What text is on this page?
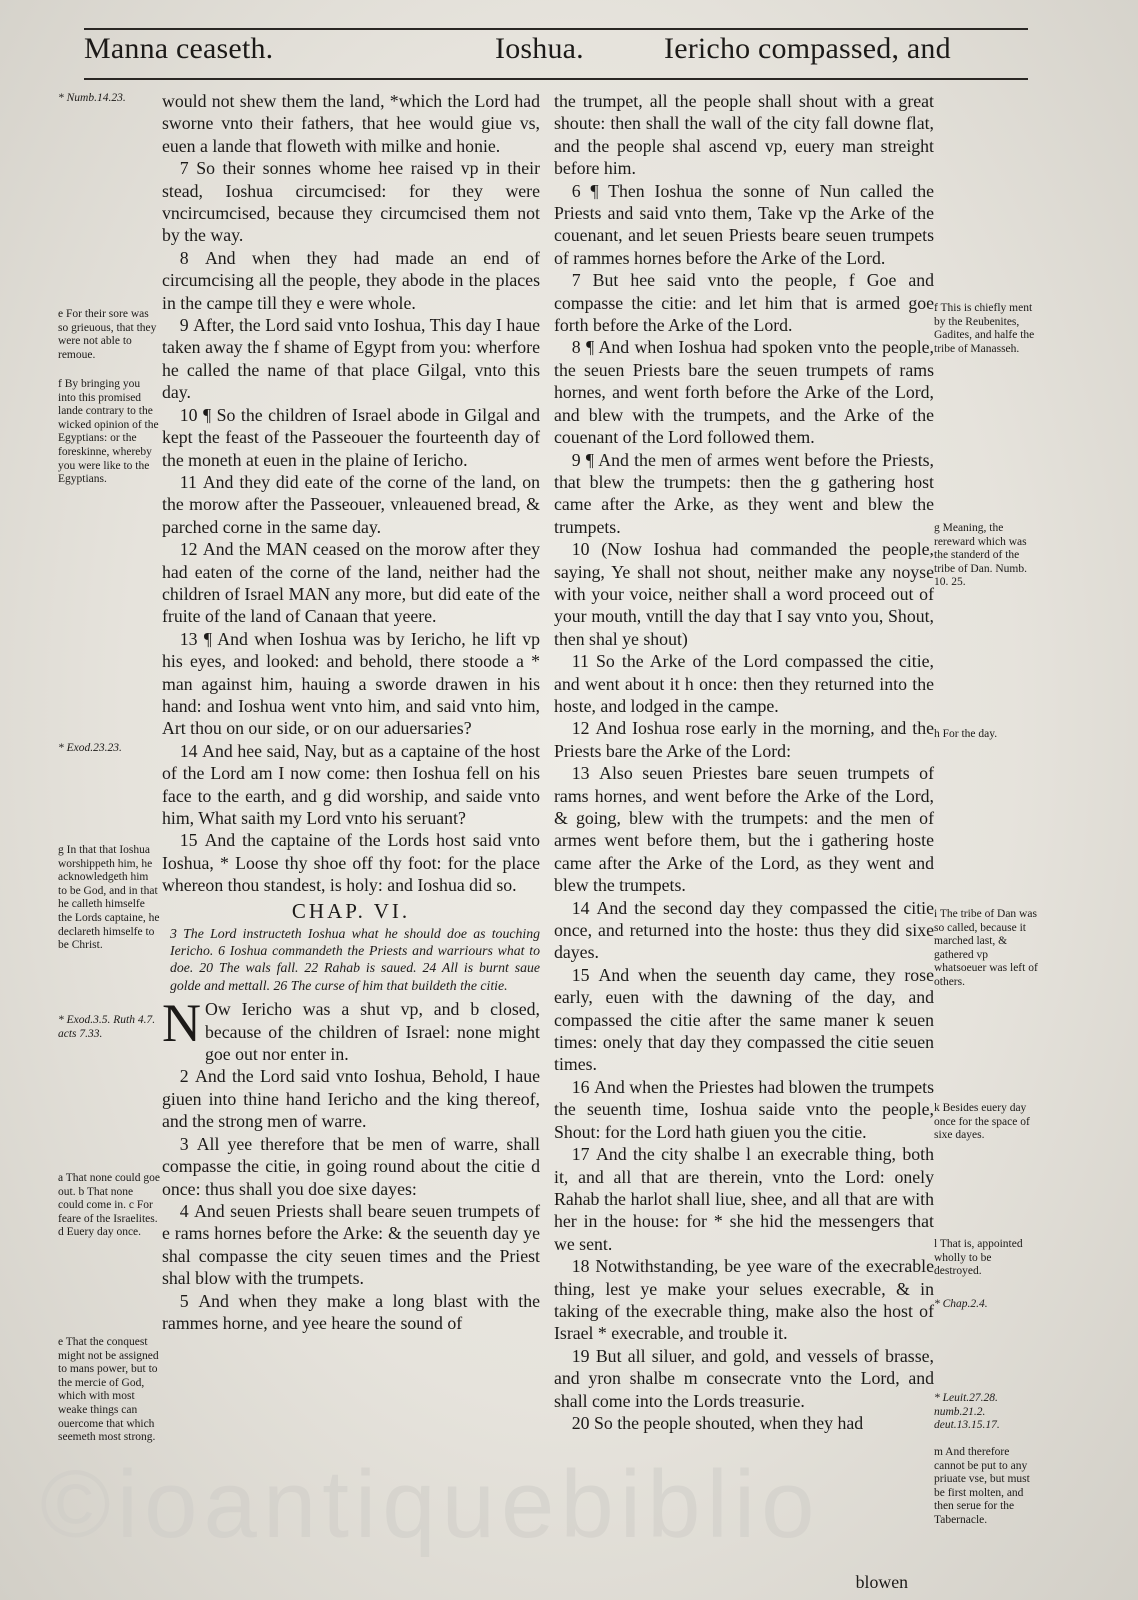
Manna ceaseth.	Ioshua.	Iericho compassed, and
* Numb.14.23.
e For their sore was so grieuous, that they were not able to remoue.
f By bringing you into this promised lande contrary to the wicked opinion of the Egyptians: or the foreskinne, whereby you were like to the Egyptians.
* Exod.23.23.
g In that that Ioshua worshippeth him, he acknowledgeth him to be God, and in that he calleth himselfe the Lords captaine, he declareth himselfe to be Christ.
* Exod.3.5. Ruth 4.7. acts 7.33.
a That none could goe out. b That none could come in. c For feare of the Israelites. d Euery day once.
e That the conquest might not be assigned to mans power, but to the mercie of God, which with most weake things can ouercome that which seemeth most strong.

would not shew them the land, *which the Lord had sworne vnto their fathers, that hee would giue vs, euen a lande that floweth with milke and honie.

 7 So their sonnes whome hee raised vp in their stead, Ioshua circumcised: for they were vncircumcised, because they circumcised them not by the way.

 8 And when they had made an end of circumcising all the people, they abode in the places in the campe till they e were whole.

 9 After, the Lord said vnto Ioshua, This day I haue taken away the f shame of Egypt from you: wherfore he called the name of that place Gilgal, vnto this day.

 10 ¶ So the children of Israel abode in Gilgal and kept the feast of the Passeouer the fourteenth day of the moneth at euen in the plaine of Iericho.

 11 And they did eate of the corne of the land, on the morow after the Passeouer, vnleauened bread, & parched corne in the same day.

 12 And the MAN ceased on the morow after they had eaten of the corne of the land, neither had the children of Israel MAN any more, but did eate of the fruite of the land of Canaan that yeere.

 13 ¶ And when Ioshua was by Iericho, he lift vp his eyes, and looked: and behold, there stoode a * man against him, hauing a sworde drawen in his hand: and Ioshua went vnto him, and said vnto him, Art thou on our side, or on our aduersaries?

 14 And hee said, Nay, but as a captaine of the host of the Lord am I now come: then Ioshua fell on his face to the earth, and g did worship, and saide vnto him, What saith my Lord vnto his seruant?

 15 And the captaine of the Lords host said vnto Ioshua, * Loose thy shoe off thy foot: for the place whereon thou standest, is holy: and Ioshua did so.

CHAP. VI.

3 The Lord instructeth Ioshua what he should doe as touching Iericho. 6 Ioshua commandeth the Priests and warriours what to doe. 20 The wals fall. 22 Rahab is saued. 24 All is burnt saue golde and mettall. 26 The curse of him that buildeth the citie.

N Ow Iericho was a shut vp, and b closed, because of the children of Israel: none might goe out nor enter in.

 2 And the Lord said vnto Ioshua, Behold, I haue giuen into thine hand Iericho and the king thereof, and the strong men of warre.

 3 All yee therefore that be men of warre, shall compasse the citie, in going round about the citie d once: thus shall you doe sixe dayes:

 4 And seuen Priests shall beare seuen trumpets of e rams hornes before the Arke: & the seuenth day ye shal compasse the city seuen times and the Priest shal blow with the trumpets.

 5 And when they make a long blast with the rammes horne, and yee heare the sound of

the trumpet, all the people shall shout with a great shoute: then shall the wall of the city fall downe flat, and the people shal ascend vp, euery man streight before him.

 6 ¶ Then Ioshua the sonne of Nun called the Priests and said vnto them, Take vp the Arke of the couenant, and let seuen Priests beare seuen trumpets of rammes hornes before the Arke of the Lord.

 7 But hee said vnto the people, f Goe and compasse the citie: and let him that is armed goe forth before the Arke of the Lord.

 8 ¶ And when Ioshua had spoken vnto the people, the seuen Priests bare the seuen trumpets of rams hornes, and went forth before the Arke of the Lord, and blew with the trumpets, and the Arke of the couenant of the Lord followed them.

 9 ¶ And the men of armes went before the Priests, that blew the trumpets: then the g gathering host came after the Arke, as they went and blew the trumpets.

 10 (Now Ioshua had commanded the people, saying, Ye shall not shout, neither make any noyse with your voice, neither shall a word proceed out of your mouth, vntill the day that I say vnto you, Shout, then shal ye shout)

 11 So the Arke of the Lord compassed the citie, and went about it h once: then they returned into the hoste, and lodged in the campe.

 12 And Ioshua rose early in the morning, and the Priests bare the Arke of the Lord:

 13 Also seuen Priestes bare seuen trumpets of rams hornes, and went before the Arke of the Lord, & going, blew with the trumpets: and the men of armes went before them, but the i gathering hoste came after the Arke of the Lord, as they went and blew the trumpets.

 14 And the second day they compassed the citie once, and returned into the hoste: thus they did sixe dayes.

 15 And when the seuenth day came, they rose early, euen with the dawning of the day, and compassed the citie after the same maner k seuen times: onely that day they compassed the citie seuen times.

 16 And when the Priestes had blowen the trumpets the seuenth time, Ioshua saide vnto the people, Shout: for the Lord hath giuen you the citie.

 17 And the city shalbe l an execrable thing, both it, and all that are therein, vnto the Lord: onely Rahab the harlot shall liue, shee, and all that are with her in the house: for * she hid the messengers that we sent.

 18 Notwithstanding, be yee ware of the execrable thing, lest ye make your selues execrable, & in taking of the execrable thing, make also the host of Israel * execrable, and trouble it.

 19 But all siluer, and gold, and vessels of brasse, and yron shalbe m consecrate vnto the Lord, and shall come into the Lords treasurie.

 20 So the people shouted, when they had

f This is chiefly ment by the Reubenites, Gadites, and halfe the tribe of Manasseh.
g Meaning, the rereward which was the standerd of the tribe of Dan. Numb. 10. 25.
h For the day.
i The tribe of Dan was so called, because it marched last, & gathered vp whatsoeuer was left of others.
k Besides euery day once for the space of sixe dayes.
l That is, appointed wholly to be destroyed.
* Chap.2.4.
* Leuit.27.28. numb.21.2. deut.13.15.17.
m And therefore cannot be put to any priuate vse, but must be first molten, and then serue for the Tabernacle.
blowen
©ioantiquebiblio
